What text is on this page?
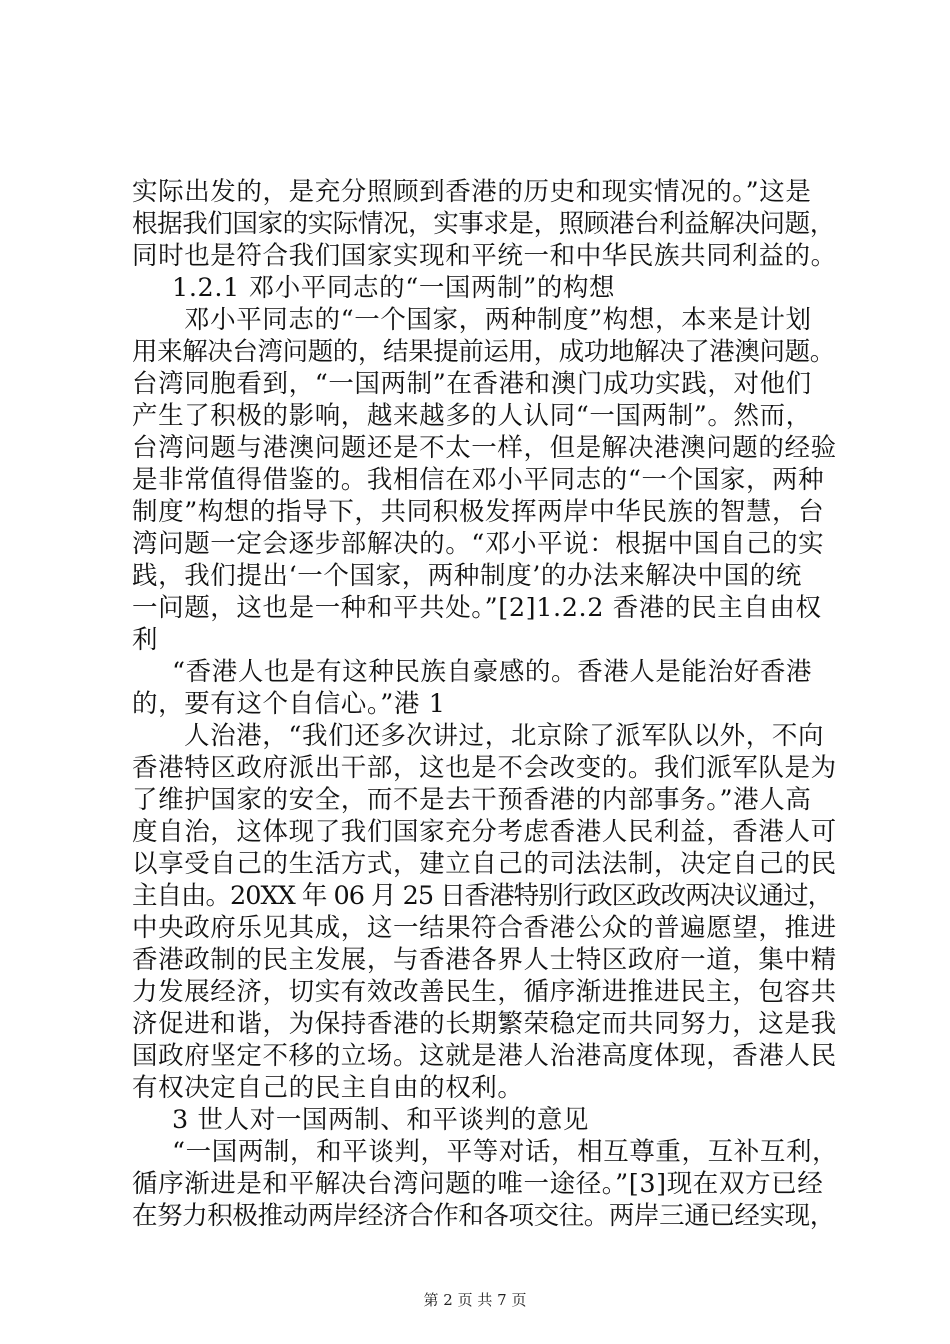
实际出发的，是充分照顾到香港的历史和现实情况的。”这是
根据我们国家的实际情况，实事求是，照顾港台利益解决问题，
同时也是符合我们国家实现和平统一和中华民族共同利益的。
1.2.1 邓小平同志的“一国两制”的构想
邓小平同志的“一个国家，两种制度”构想，本来是计划
用来解决台湾问题的，结果提前运用，成功地解决了港澳问题。
台湾同胞看到，“一国两制”在香港和澳门成功实践，对他们
产生了积极的影响，越来越多的人认同“一国两制”。然而，
台湾问题与港澳问题还是不太一样，但是解决港澳问题的经验
是非常值得借鉴的。我相信在邓小平同志的“一个国家，两种
制度”构想的指导下，共同积极发挥两岸中华民族的智慧，台
湾问题一定会逐步部解决的。“邓小平说：根据中国自己的实
践，我们提出‘一个国家，两种制度’的办法来解决中国的统
一问题，这也是一种和平共处。”[2]1.2.2 香港的民主自由权
利
“香港人也是有这种民族自豪感的。香港人是能治好香港
的，要有这个自信心。”港 1
人治港，“我们还多次讲过，北京除了派军队以外，不向
香港特区政府派出干部，这也是不会改变的。我们派军队是为
了维护国家的安全，而不是去干预香港的内部事务。”港人高
度自治，这体现了我们国家充分考虑香港人民利益，香港人可
以享受自己的生活方式，建立自己的司法法制，决定自己的民
主自由。20XX 年 06 月 25 日香港特别行政区政改两决议通过，
中央政府乐见其成，这一结果符合香港公众的普遍愿望，推进
香港政制的民主发展，与香港各界人士特区政府一道，集中精
力发展经济，切实有效改善民生，循序渐进推进民主，包容共
济促进和谐，为保持香港的长期繁荣稳定而共同努力，这是我
国政府坚定不移的立场。这就是港人治港高度体现，香港人民
有权决定自己的民主自由的权利。
3 世人对一国两制、和平谈判的意见
“一国两制，和平谈判，平等对话，相互尊重，互补互利，
循序渐进是和平解决台湾问题的唯一途径。”[3]现在双方已经
在努力积极推动两岸经济合作和各项交往。两岸三通已经实现，
第 2 页 共 7 页
